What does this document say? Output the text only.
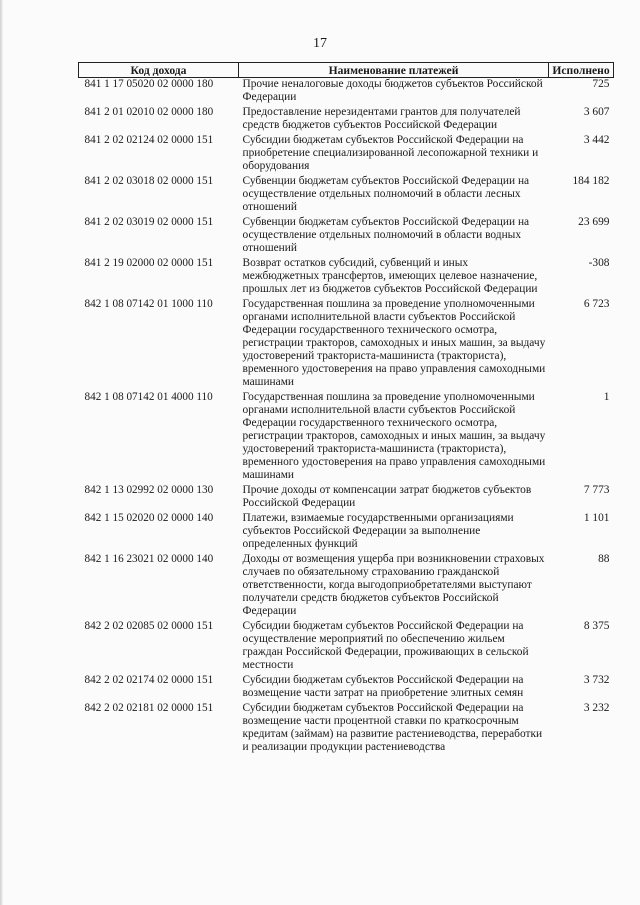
17
Код дохода	Наименование платежей	Исполнено
841 1 17 05020 02 0000 180	Прочие неналоговые доходы бюджетов субъектов Российской Федерации	725
841 2 01 02010 02 0000 180	Предоставление нерезидентами грантов для получателей средств бюджетов субъектов Российской Федерации	3 607
841 2 02 02124 02 0000 151	Субсидии бюджетам субъектов Российской Федерации на приобретение специализированной лесопожарной техники и оборудования	3 442
841 2 02 03018 02 0000 151	Субвенции бюджетам субъектов Российской Федерации на осуществление отдельных полномочий в области лесных отношений	184 182
841 2 02 03019 02 0000 151	Субвенции бюджетам субъектов Российской Федерации на осуществление отдельных полномочий в области водных отношений	23 699
841 2 19 02000 02 0000 151	Возврат остатков субсидий, субвенций и иных межбюджетных трансфертов, имеющих целевое назначение, прошлых лет из бюджетов субъектов Российской Федерации	-308
842 1 08 07142 01 1000 110	Государственная пошлина за проведение уполномоченными органами исполнительной власти субъектов Российской Федерации государственного технического осмотра, регистрации тракторов, самоходных и иных машин, за выдачу удостоверений тракториста-машиниста (тракториста), временного удостоверения на право управления самоходными машинами	6 723
842 1 08 07142 01 4000 110	Государственная пошлина за проведение уполномоченными органами исполнительной власти субъектов Российской Федерации государственного технического осмотра, регистрации тракторов, самоходных и иных машин, за выдачу удостоверений тракториста-машиниста (тракториста), временного удостоверения на право управления самоходными машинами	1
842 1 13 02992 02 0000 130	Прочие доходы от компенсации затрат бюджетов субъектов Российской Федерации	7 773
842 1 15 02020 02 0000 140	Платежи, взимаемые государственными организациями субъектов Российской Федерации за выполнение определенных функций	1 101
842 1 16 23021 02 0000 140	Доходы от возмещения ущерба при возникновении страховых случаев по обязательному страхованию гражданской ответственности, когда выгодоприобретателями выступают получатели средств бюджетов субъектов Российской Федерации	88
842 2 02 02085 02 0000 151	Субсидии бюджетам субъектов Российской Федерации на осуществление мероприятий по обеспечению жильем граждан Российской Федерации, проживающих в сельской местности	8 375
842 2 02 02174 02 0000 151	Субсидии бюджетам субъектов Российской Федерации на возмещение части затрат на приобретение элитных семян	3 732
842 2 02 02181 02 0000 151	Субсидии бюджетам субъектов Российской Федерации на возмещение части процентной ставки по краткосрочным кредитам (займам) на развитие растениеводства, переработки и реализации продукции растениеводства	3 232
